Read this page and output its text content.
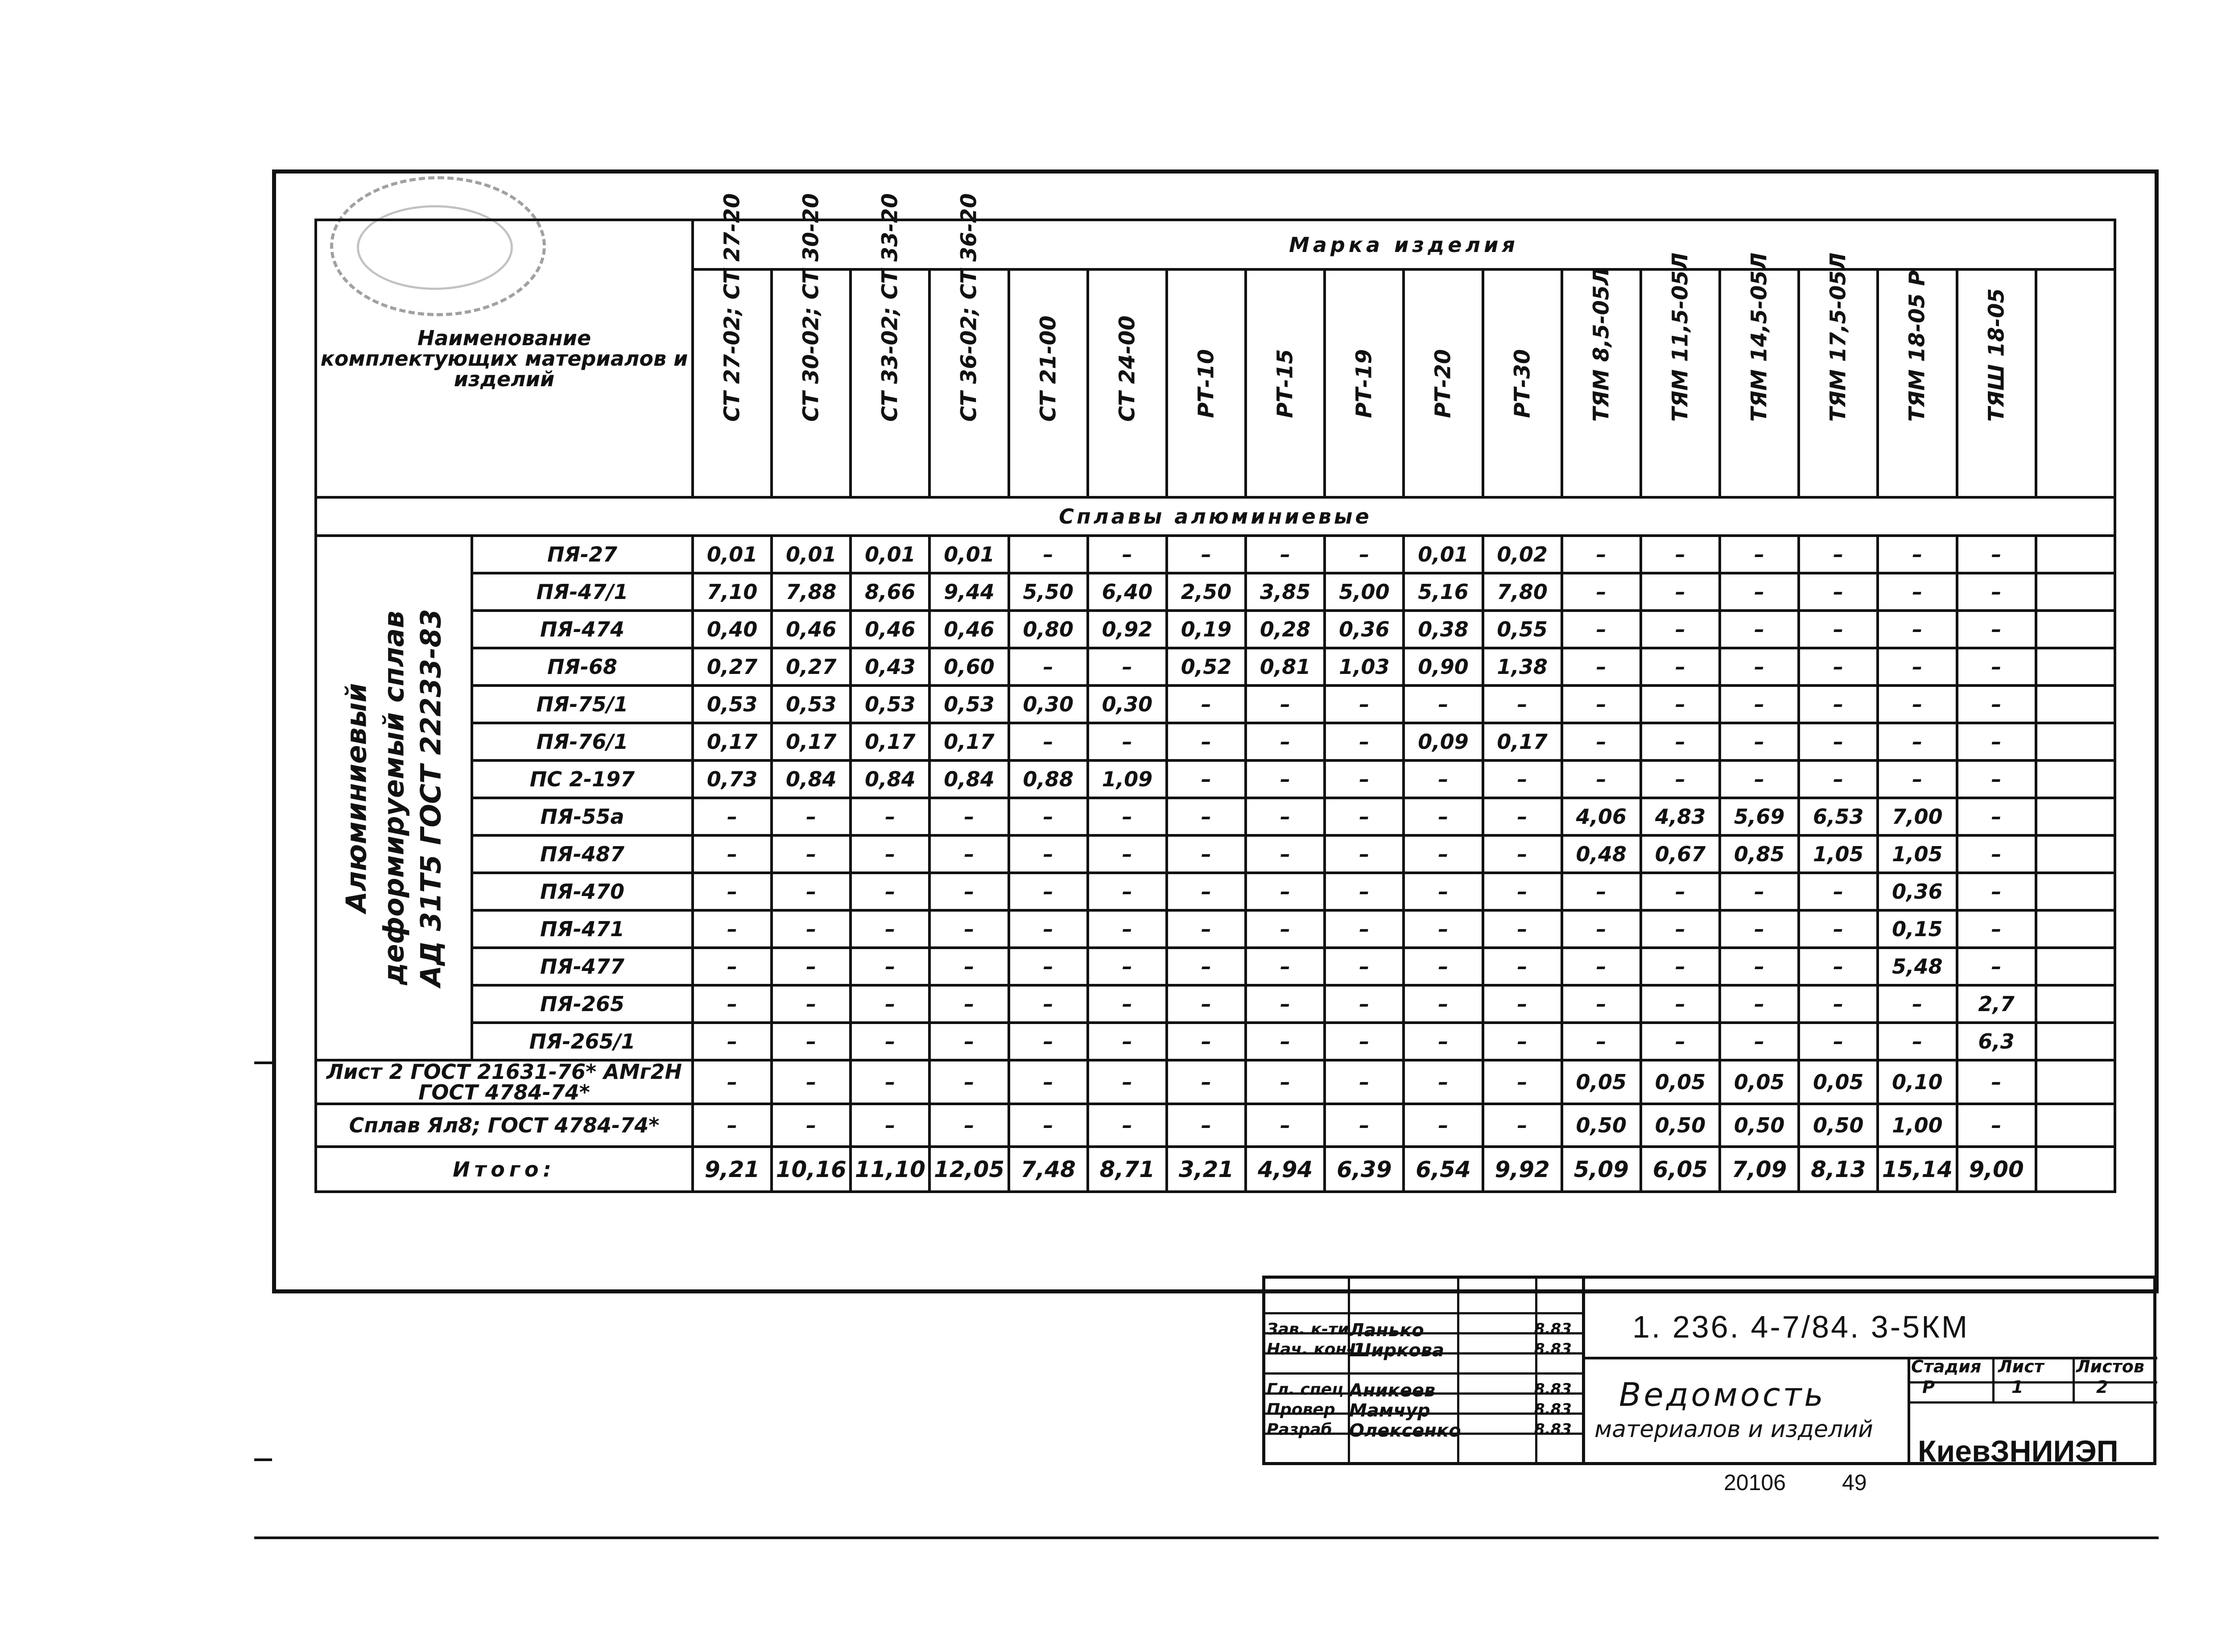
Наименование комплектующих материалов и изделий		Марка изделия																	

		СТ 27-02; СТ 27-20	СТ 30-02; СТ 30-20	СТ 33-02; СТ 33-20	СТ 36-02; СТ 36-20	СТ 21-00	СТ 24-00	РТ-10	РТ-15	РТ-19	РТ-20	РТ-30	ТЯМ 8,5-05Л	ТЯМ 11,5-05Л	ТЯМ 14,5-05Л	ТЯМ 17,5-05Л	ТЯМ 18-05 Р	ТЯШ 18-05	

Сплавы алюминиевые																			

Алюминиевый деформируемый сплав АД 31Т5 ГОСТ 22233-83	ПЯ-27	0,01	0,01	0,01	0,01	–	–	–	–	–	0,01	0,02	–	–	–	–	–	–	
	ПЯ-47/1	7,10	7,88	8,66	9,44	5,50	6,40	2,50	3,85	5,00	5,16	7,80	–	–	–	–	–	–	
	ПЯ-474	0,40	0,46	0,46	0,46	0,80	0,92	0,19	0,28	0,36	0,38	0,55	–	–	–	–	–	–	
	ПЯ-68	0,27	0,27	0,43	0,60	–	–	0,52	0,81	1,03	0,90	1,38	–	–	–	–	–	–	
	ПЯ-75/1	0,53	0,53	0,53	0,53	0,30	0,30	–	–	–	–	–	–	–	–	–	–	–	
	ПЯ-76/1	0,17	0,17	0,17	0,17	–	–	–	–	–	0,09	0,17	–	–	–	–	–	–	
	ПС 2-197	0,73	0,84	0,84	0,84	0,88	1,09	–	–	–	–	–	–	–	–	–	–	–	
	ПЯ-55а	–	–	–	–	–	–	–	–	–	–	–	4,06	4,83	5,69	6,53	7,00	–	
	ПЯ-487	–	–	–	–	–	–	–	–	–	–	–	0,48	0,67	0,85	1,05	1,05	–	
	ПЯ-470	–	–	–	–	–	–	–	–	–	–	–	–	–	–	–	0,36	–	
	ПЯ-471	–	–	–	–	–	–	–	–	–	–	–	–	–	–	–	0,15	–	
	ПЯ-477	–	–	–	–	–	–	–	–	–	–	–	–	–	–	–	5,48	–	
	ПЯ-265	–	–	–	–	–	–	–	–	–	–	–	–	–	–	–	–	2,7	
	ПЯ-265/1	–	–	–	–	–	–	–	–	–	–	–	–	–	–	–	–	6,3	
Лист 2 ГОСТ 21631-76* АМг2Н ГОСТ 4784-74*		–	–	–	–	–	–	–	–	–	–	–	0,05	0,05	0,05	0,05	0,10	–	
Сплав Ял8; ГОСТ 4784-74*		–	–	–	–	–	–	–	–	–	–	–	0,50	0,50	0,50	0,50	1,00	–	
Итого:		9,21	10,16	11,10	12,05	7,48	8,71	3,21	4,94	6,39	6,54	9,92	5,09	6,05	7,09	8,13	15,14	9,00	
Зав. к-ти Ланько	8.83
Нач. кон-1
Ширкова	8.83
Гл. спец Аникеев	8.83
Провер Мамчур	8.83
Разраб Олексенко	8.83
Стадия Лист Листов
Р	1	2
1. 236. 4-7/84. 3-5КМ
Ведомость
материалов и изделий
КиевЗНИИЭП
20106	49
